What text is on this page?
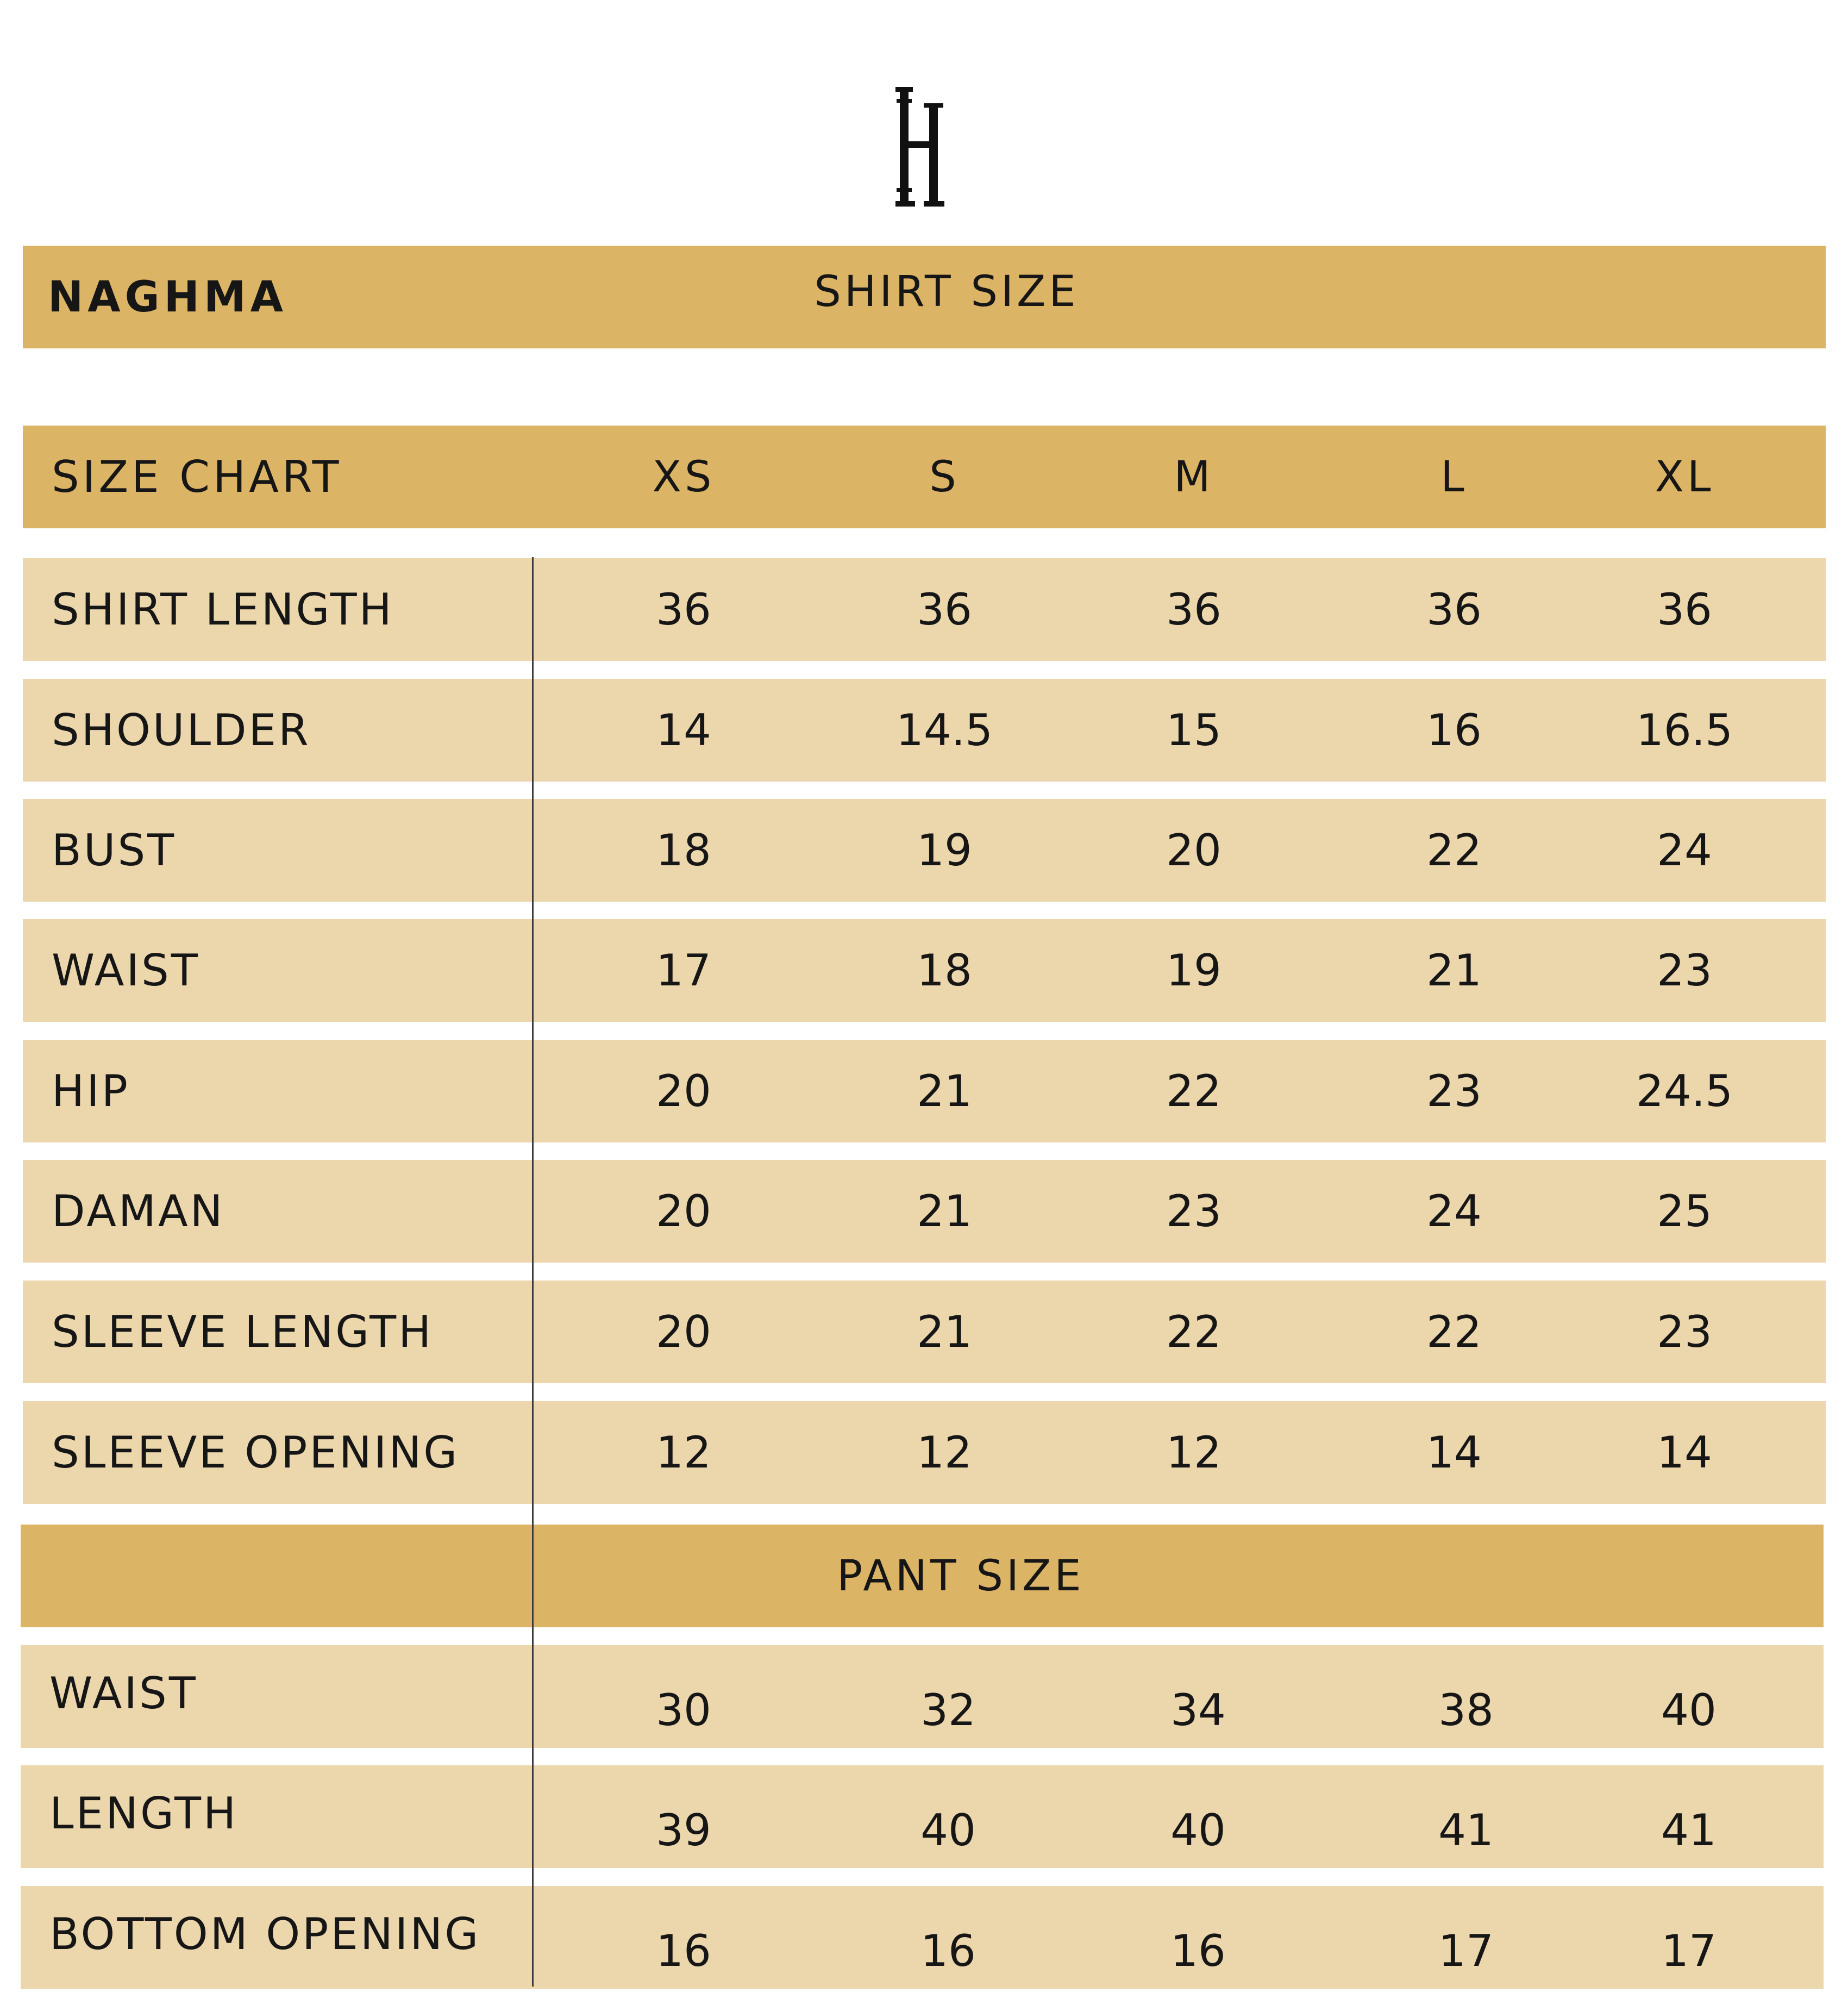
NAGHMA	SHIRT SIZE
SIZE CHART	XS	S	M	L	XL
SHIRT LENGTH	36	36	36	36	36
SHOULDER	14	14.5	15	16	16.5
BUST	18	19	20	22	24
WAIST	17	18	19	21	23
HIP	20	21	22	23	24.5
DAMAN	20	21	23	24	25
SLEEVE LENGTH	20	21	22	22	23
SLEEVE OPENING	12	12	12	14	14
PANT SIZE
WAIST	30	32	34	38	40
LENGTH	39	40	40	41	41
BOTTOM OPENING	16	16	16	17	17
